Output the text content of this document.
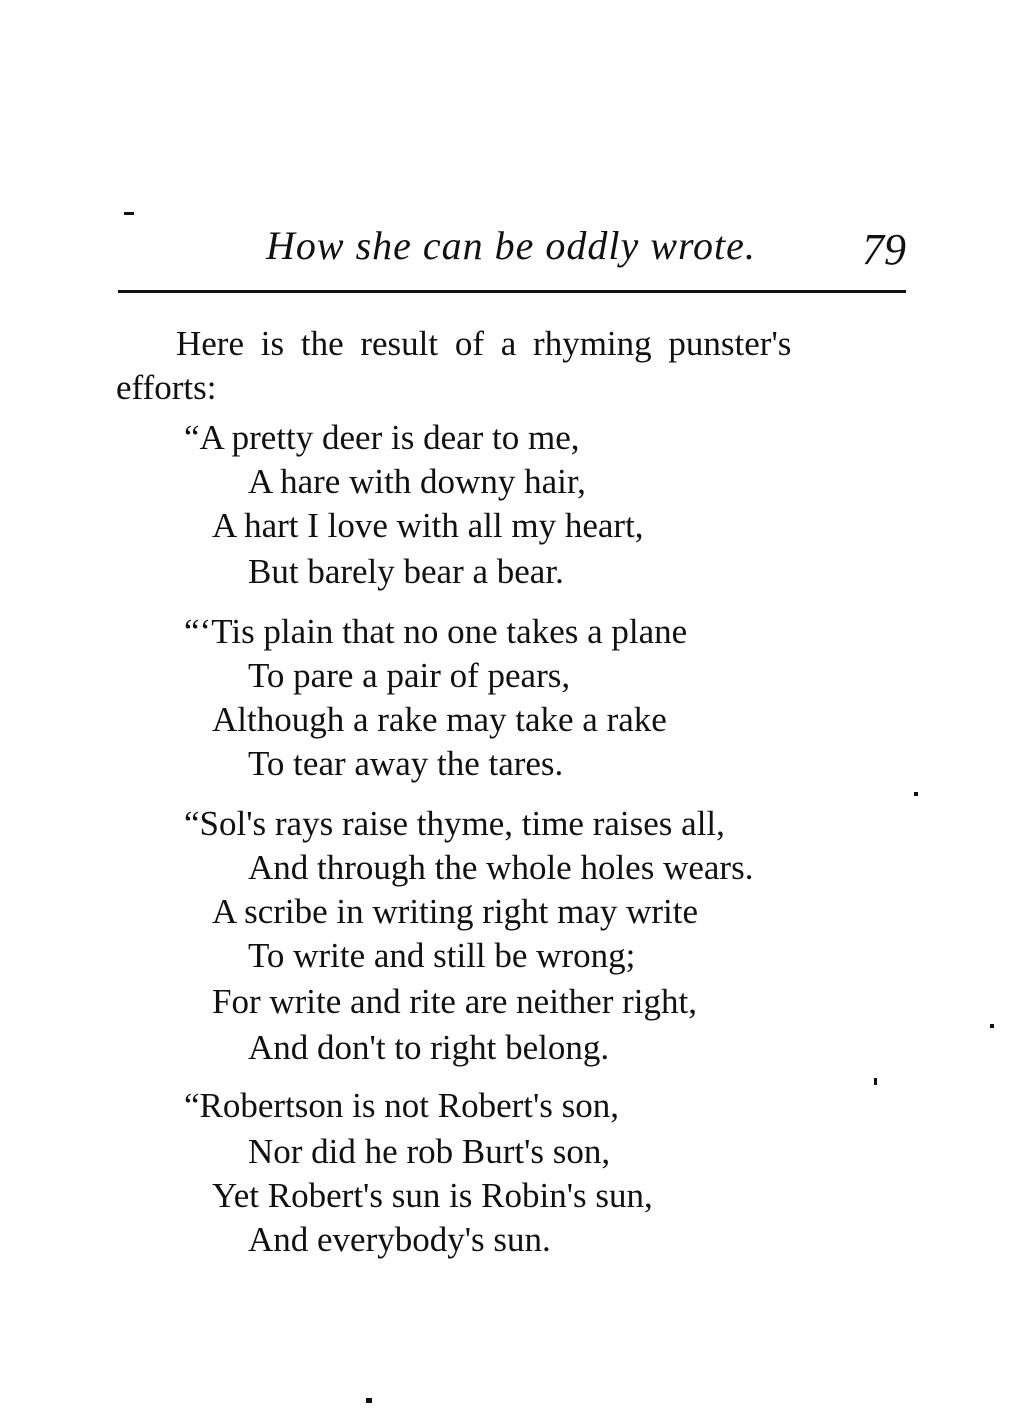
How she can be oddly wrote. 79
Here is the result of a rhyming punster's
efforts:
“A pretty deer is dear to me,
A hare with downy hair,
A hart I love with all my heart,
But barely bear a bear.
“‘Tis plain that no one takes a plane
To pare a pair of pears,
Although a rake may take a rake
To tear away the tares.
“Sol's rays raise thyme, time raises all,
And through the whole holes wears.
A scribe in writing right may write
To write and still be wrong;
For write and rite are neither right,
And don't to right belong.
“Robertson is not Robert's son,
Nor did he rob Burt's son,
Yet Robert's sun is Robin's sun,
And everybody's sun.
